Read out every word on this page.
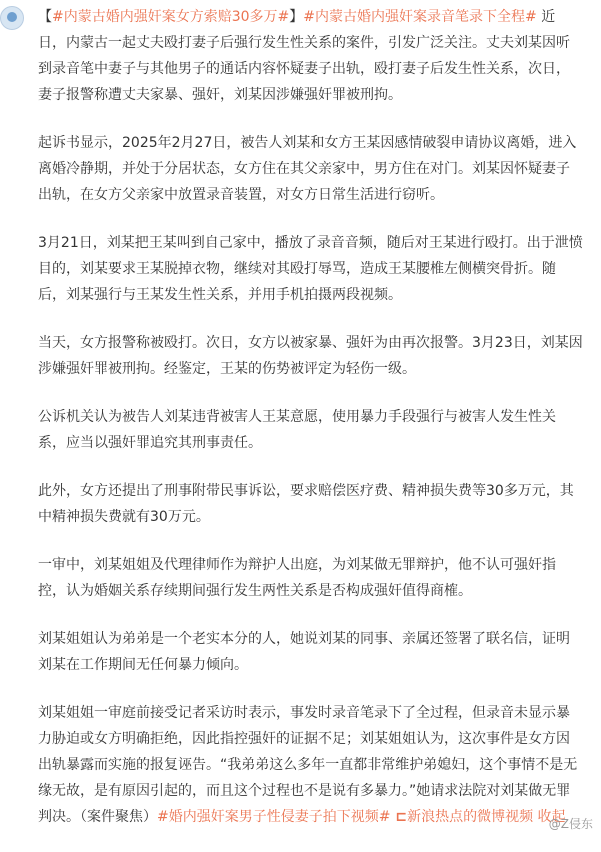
【#内蒙古婚内强奸案女方索赔30多万#】#内蒙古婚内强奸案录音笔录下全程# 近日，内蒙古一起丈夫殴打妻子后强行发生性关系的案件，引发广泛关注。丈夫刘某因听到录音笔中妻子与其他男子的通话内容怀疑妻子出轨，殴打妻子后发生性关系，次日，妻子报警称遭丈夫家暴、强奸，刘某因涉嫌强奸罪被刑拘。

起诉书显示，2025年2月27日，被告人刘某和女方王某因感情破裂申请协议离婚，进入离婚冷静期，并处于分居状态，女方住在其父亲家中，男方住在对门。刘某因怀疑妻子出轨，在女方父亲家中放置录音装置，对女方日常生活进行窃听。

3月21日，刘某把王某叫到自己家中，播放了录音音频，随后对王某进行殴打。出于泄愤目的，刘某要求王某脱掉衣物，继续对其殴打辱骂，造成王某腰椎左侧横突骨折。随后，刘某强行与王某发生性关系，并用手机拍摄两段视频。

当天，女方报警称被殴打。次日，女方以被家暴、强奸为由再次报警。3月23日，刘某因涉嫌强奸罪被刑拘。经鉴定，王某的伤势被评定为轻伤一级。

公诉机关认为被告人刘某违背被害人王某意愿，使用暴力手段强行与被害人发生性关系，应当以强奸罪追究其刑事责任。

此外，女方还提出了刑事附带民事诉讼，要求赔偿医疗费、精神损失费等30多万元，其中精神损失费就有30万元。

一审中，刘某姐姐及代理律师作为辩护人出庭，为刘某做无罪辩护，他不认可强奸指控，认为婚姻关系存续期间强行发生两性关系是否构成强奸值得商榷。

刘某姐姐认为弟弟是一个老实本分的人，她说刘某的同事、亲属还签署了联名信，证明刘某在工作期间无任何暴力倾向。

刘某姐姐一审庭前接受记者采访时表示，事发时录音笔录下了全过程，但录音未显示暴力胁迫或女方明确拒绝，因此指控强奸的证据不足；刘某姐姐认为，这次事件是女方因出轨暴露而实施的报复诬告。“我弟弟这么多年一直都非常维护弟媳妇，这个事情不是无缘无故，是有原因引起的，而且这个过程也不是说有多暴力。”她请求法院对刘某做无罪判决。（案件聚焦）#婚内强奸案男子性侵妻子拍下视频# ⊏新浪热点的微博视频 收起

@Z侵东
